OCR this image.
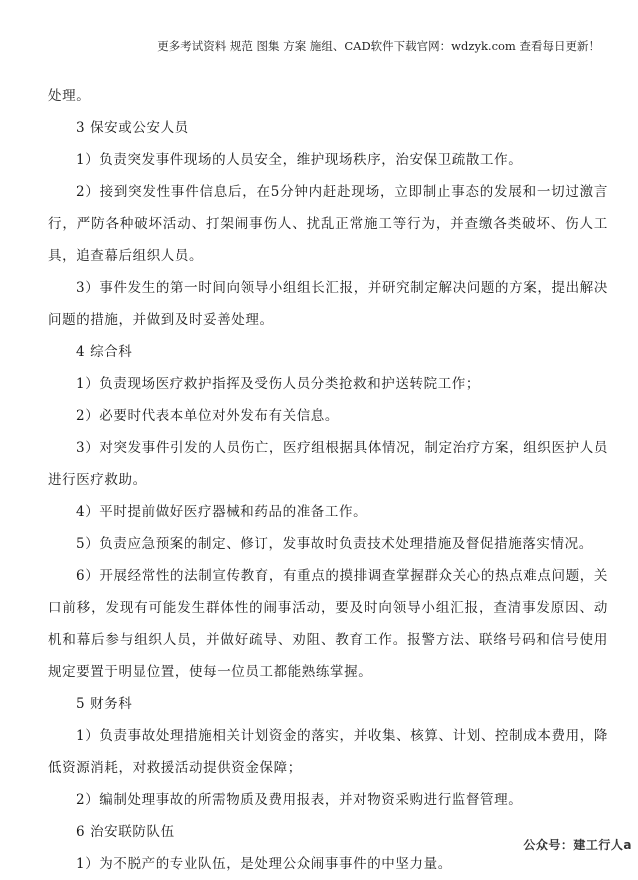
更多考试资料 规范 图集 方案 施组、CAD软件下载官网：wdzyk.com 查看每日更新！

处理。

3 保安或公安人员

1）负责突发事件现场的人员安全，维护现场秩序，治安保卫疏散工作。

2）接到突发性事件信息后，在5分钟内赶赴现场，立即制止事态的发展和一切过激言行，严防各种破坏活动、打架闹事伤人、扰乱正常施工等行为，并查缴各类破坏、伤人工具，追查幕后组织人员。

3）事件发生的第一时间向领导小组组长汇报，并研究制定解决问题的方案，提出解决问题的措施，并做到及时妥善处理。

4 综合科

1）负责现场医疗救护指挥及受伤人员分类抢救和护送转院工作；

2）必要时代表本单位对外发布有关信息。

3）对突发事件引发的人员伤亡，医疗组根据具体情况，制定治疗方案，组织医护人员进行医疗救助。

4）平时提前做好医疗器械和药品的准备工作。

5）负责应急预案的制定、修订，发事故时负责技术处理措施及督促措施落实情况。

6）开展经常性的法制宣传教育，有重点的摸排调查掌握群众关心的热点难点问题，关口前移，发现有可能发生群体性的闹事活动，要及时向领导小组汇报，查清事发原因、动机和幕后参与组织人员，并做好疏导、劝阻、教育工作。报警方法、联络号码和信号使用规定要置于明显位置，使每一位员工都能熟练掌握。

5 财务科

1）负责事故处理措施相关计划资金的落实，并收集、核算、计划、控制成本费用，降低资源消耗，对救援活动提供资金保障；

2）编制处理事故的所需物质及费用报表，并对物资采购进行监督管理。

6 治安联防队伍

1）为不脱产的专业队伍，是处理公众闹事事件的中坚力量。

公众号：建工行人a
